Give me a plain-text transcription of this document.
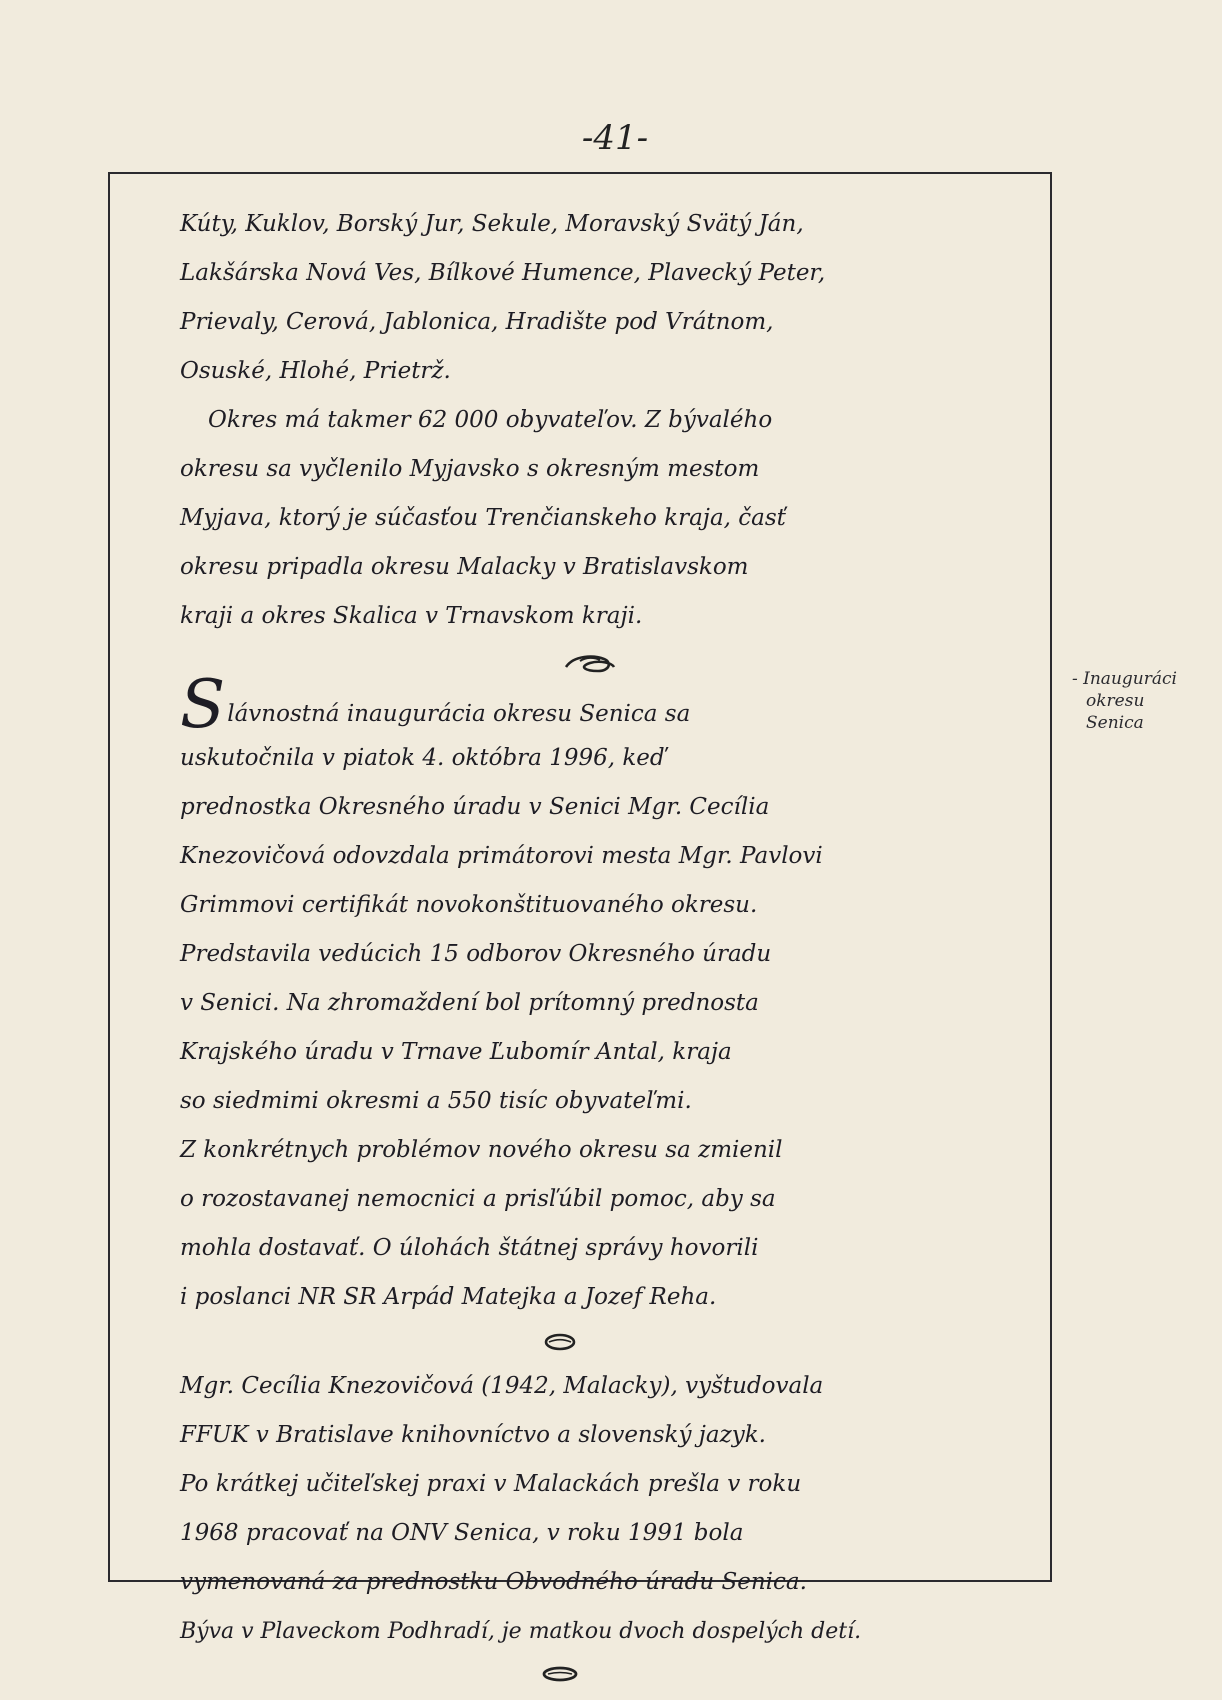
-41-
- Inauguráci
okresu
Senica
Kúty, Kuklov, Borský Jur, Sekule, Moravský Svätý Ján,
Lakšárska Nová Ves, Bílkové Humence, Plavecký Peter,
Prievaly, Cerová, Jablonica, Hradište pod Vrátnom,
Osuské, Hlohé, Prietrž.
Okres má takmer 62 000 obyvateľov. Z bývalého
okresu sa vyčlenilo Myjavsko s okresným mestom
Myjava, ktorý je súčasťou Trenčianskeho kraja, časť
okresu pripadla okresu Malacky v Bratislavskom
kraji a okres Skalica v Trnavskom kraji.
Slávnostná inaugurácia okresu Senica sa
uskutočnila v piatok 4. októbra 1996, keď
prednostka Okresného úradu v Senici Mgr. Cecília
Knezovičová odovzdala primátorovi mesta Mgr. Pavlovi
Grimmovi certifikát novokonštituovaného okresu.
Predstavila vedúcich 15 odborov Okresného úradu
v Senici. Na zhromaždení bol prítomný prednosta
Krajského úradu v Trnave Ľubomír Antal, kraja
so siedmimi okresmi a 550 tisíc obyvateľmi.
Z konkrétnych problémov nového okresu sa zmienil
o rozostavanej nemocnici a prisľúbil pomoc, aby sa
mohla dostavať. O úlohách štátnej správy hovorili
i poslanci NR SR Arpád Matejka a Jozef Reha.
Mgr. Cecília Knezovičová (1942, Malacky), vyštudovala
FFUK v Bratislave knihovníctvo a slovenský jazyk.
Po krátkej učiteľskej praxi v Malackách prešla v roku
1968 pracovať na ONV Senica, v roku 1991 bola
vymenovaná za prednostku Obvodného úradu Senica.
Býva v Plaveckom Podhradí, je matkou dvoch dospelých detí.
